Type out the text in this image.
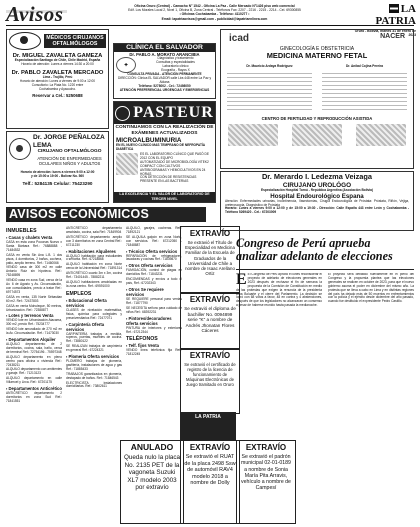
Avisos	Oficina Oruro (Central) - Camacho N° 1542 - Oficina La Paz - Calle Mercado N°1426 piso web comercial
Edif. Los Morales Local 2, Nivel 1, Oficina B, Zona Central - Teléfonos Fax: 2207 - 2216 - 2215 - 2214 - Cel. 69300855
• Oficinas Cochabamba - Teléfono: 4110277 •
Email: lapatriaavisos@gmail.com - publicidad@lapatriaenlinea.com
LA PATRIA
Oruro - Bolivia, martes 31 de enero de 2023
MÉDICOS CIRUJANOS
OFTALMÓLOGOS
Dr. MIGUEL ZAVALETA GAMEZA
Especialización Santiago de Chile, Chile Madrid, España
Horario de atención: Lunes a viernes 14:30 a 20:00
Dr. PABLO ZAVALETA MERCADO
Lima - Trujillo, Perú
Horario de atención: Lunes a viernes de 9:00 a 12:00
Consultorio: La Plata No. 1220 entre
Cochabamba y Ayacucho.
Reservar a Cel.: 5250688
Dr. JORGE PEÑALOZA LEMA
CIRUJANO OFTALMÓLOGO
ATENCIÓN DE ENFERMEDADES
OCULARES NIÑOS Y ADULTOS
Horario de atención: lunes a viernes 9:00 a 12:00
y de 15:00 a 19:00 - Bolívar No. 560
Telf.: 5284135 Celular: 75423290
CLÍNICA EL SALVADOR
Dr. PABLO A. MORATO ARANCIBIA
✚
Diagnóstico y tratamiento
Consultas y especialidades
Laboratorio clínico
Ecografía - Rayos X
CONSULTA PRIVADA - ATENCIÓN PERMANENTE
DIRECCIÓN: Clínica EL SALVADOR calle Lira 448 entre La Paz y Aldana
Teléfono: 5278002 - Cel.: 72498050
ATENCIÓN PREFERENCIAL URGENCIAS Y EMERGENCIAS
PASTEUR
CONTINUAMOS CON LA REALIZACIÓN DE EXÁMENES ACTUALIZADOS
MICROALBUMINURIA
EN EL NUEVO CLÍNICO MAS TEMPRANO DE NEFROPATÍA DIABÉTICA
ES EL LABORATORIO CLÍNICO QUE PASÓ DE 2012 CON EL EQUIPO
AUTOMATIZADO DE MICROBIOLOGÍA VITEK2 COMPACT CON CULTIVOS
ANTIBIOGRAMAS Y HEMOCULTIVOS EN 24 HORAS
CON DETECCIÓN DE RESISTENCIAS PRESENTE EN LAS BACTERIAS
LA EXCELENCIA Y EL VALOR DE LABORATORIO DE TERCER NIVEL
icad	NACER
GINECOLOGÍA E OBSTETRICIA
MEDICINA MATERNO FETAL
Dr. Mauricio Ardaya Rodríguez	Dr. Aníbal Cojina Pereira
CENTRO DE FERTILIDAD Y REPRODUCCIÓN ASISTIDA
Dr. Merardo I. Ledezma Veizaga
CIRUJANO UROLÓGO
Especialización Hospital Tornú - República Argentina (Asociación Bolivia)
Hospital Endourológico Espana
Atención: Enfermedades urinarias, incontinencia, Vasectomías, Cirugía Endourológica de Próstata: Próstata, Riñón, Vejiga, ureteroscopia, Diagnóstico de Próstata
Horario: Lunes a viernes 9:00 a 12:00 y de 15:00 a 19:30 - Dirección: Calle España 443 entre León y Cochabamba - Teléfono 5269420 - Cel.: 67203009
AVISOS ECONÓMICOS
INMUEBLES
▪ Casas y chalets Venta
CASA en esta zona Poconas Nuevo x Santa Bárbara Ref.: 76888888 - 71484532
CASA en venta Sin Ana L.B. 1 dos pisos, 4 dormitorios, 2 baños, cochera, patio, amplio terreno. Ref.: 71460066
VENDO casa de 300 m2 en calle Antonio Ruiz sin hipoteca. Ref.: 75248895
VENDO casa en zona Sud, cerca de la Av. 6 de Agosto y Av. Circunvalación, con comodidades, precio a tratar Ref.: 69774573
CASA en venta, 135 Norte Sébastian 60 m2. Ref.: 72437803
CASA en venta Mohuleque, 50 metros, Urbanización. Ref.: 72388877
▪ Lotes y terrenos Venta
VENDO lote en Urbanización Atacama, 300 m2, precio Ref.: 75234777
VENDO lote amurallado de 270 m2 en la Av. Circunvalación. Ref.: 71473030
▪ Departamentos Alquiler
ALQUILO departamento de 2 dormitorios, cocina, sala, baño, cerca de terminal Ref.: 72754196 - 75597348
ALQUILO departamento en pleno centro para oficina o vivienda Ref.: 72438211
ALQUILO departamento con ambientes y garaje. Ref.: 71213123
ALQUILO departamento en calle Villarroel y Lirca. Ref.: 67201175
▪ Departamentos Anticrético
ANTICRÉTICO departamento 2 dormitorios en zona Sud Ref.: 71841551
ANTICRÉTICO departamento amoblado, cocina, sala Ref.: 71849904
ANTICRÉTICO departamento amplio con 3 dormitorios en zona Central Ref.: 67211230
▪ Habitaciones Alquileres
ALQUILO habitación para estudiantes o señorita. Ref.: 67218868
ALQUILO habitación en zona Norte cerca de la Universidad Ref.: 71891314
ANTICRÉTICO cuarto 3m x 3m, cocina Ref.: 73401445 - 78882211
ALQUILO habitaciones amobladas en la zona centro. Ref.: 69591000
EMPLEOS
▪ Educacional Oferta servicios
CLASES de nivelación matemática, física, química para colegiales y preuniversitarios Ref.: 72477071
▪ Carpintería Oferta servicios
CARPINTERÍA trabajos a medida, roperos, puertas, muebles de cocina. Ref.: 73880122
SE REALIZAN trabajos de carpintería en general Ref.: 67224321
▪ Plomería Oferta servicios
PLOMERO trabajos de plomería, gasfitería, instalaciones de agua y gas Ref.: 71885433
TRABAJOS garantizados en plomería, destapado de baños. Ref.: 71846543
ELECTRICISTA instalaciones domiciliarias. Ref.: 73802611
ALQUILO, garajes, cocheras. Ref.: 71892121
SE ALQUILA galpón en zona Norte, con servicios. Ref.: 67212050 - 71848887
▪ Técnico Oferta servicios
REPARACIÓN de refrigeradores, lavadoras y cocinas Ref.: 71839870
▪ Otros Oferta servicios
FUMIGACIÓN, control de plagas en domicilios Ref.: 71843231
ENCOMIENDAS y envíos a todo el país, Ref.: 67202343
▪ Otros Se requiere servicios
SE REQUIERE personal para ventas Ref.: 71877790
SE NECESITA señora para cuidado de niños Ref.: 68392231
▪ Pintores/decoradores Oferta servicios
PINTURA de interiores y exteriores Ref.: 67212344
TELÉFONOS
▪ Telf. fijos Venta
VENDO línea telefónica fija Ref.: 71812245
EXTRAVÍO
Se extravió el Título de Especialidad en Medicina Familiar de la Escuela de Graduados de la Universidad de Chile a nombre de Isaac Arellano Ortiz
EXTRAVÍO
Se extravió el diploma de bachiller No. 0094899 serie "K" a nombre de Andrés Jhonatan Flores Cáceres
EXTRAVÍO
Se extravió el certificado de registro de la licencia de funcionamiento de Máquinas Electrónicas de Juego tramitado en Oruro
LA PATRIA
ANULADO
Queda nulo la placa No. 2135 PET de la vagoneta Suzuki XL7 modelo 2003 por extravío
EXTRAVÍO
Se extravió el RUAT de la placa 2498 Ssw de automóvil RAV4 modelo 2018 a nombre de Dolly
EXTRAVÍO
Se extravió el padrón municipal 02-01-0189 a nombre de Sonia María Pita Arravis, vehículo a nombre de Campesí
Congreso de Perú aprueba analizar adelanto de elecciones
E El Congreso de Perú aprobó el lunes reconsiderar el proyecto de adelanto de elecciones generales en 2023 después de rechazar el fin de semana la propuesta de la Comisión de Constitución en medio de las protestas que exigen la renuncia de la presidenta Dina Boluarte y el cierre del Parlamento. La decisión se logró con 68 votos a favor, 48 en contra y 4 abstenciones, después de que los legisladores no alcanzaran un consenso a pesar de haberse reunido hasta pasada la medianoche.
El proyecto será debatido nuevamente en el pleno del Congreso y la propuesta plantea que las elecciones generales se realicen en octubre de 2023, para que el nuevo gobierno asuma el poder en diciembre del mismo año. La protesta que se lleva a cabo en Lima y en distintas regiones del país ha dejado más de 50 muertos en enfrentamientos con la policía y el ejército desde diciembre del año pasado, cuando fue destituido el expresidente Pedro Castillo.
